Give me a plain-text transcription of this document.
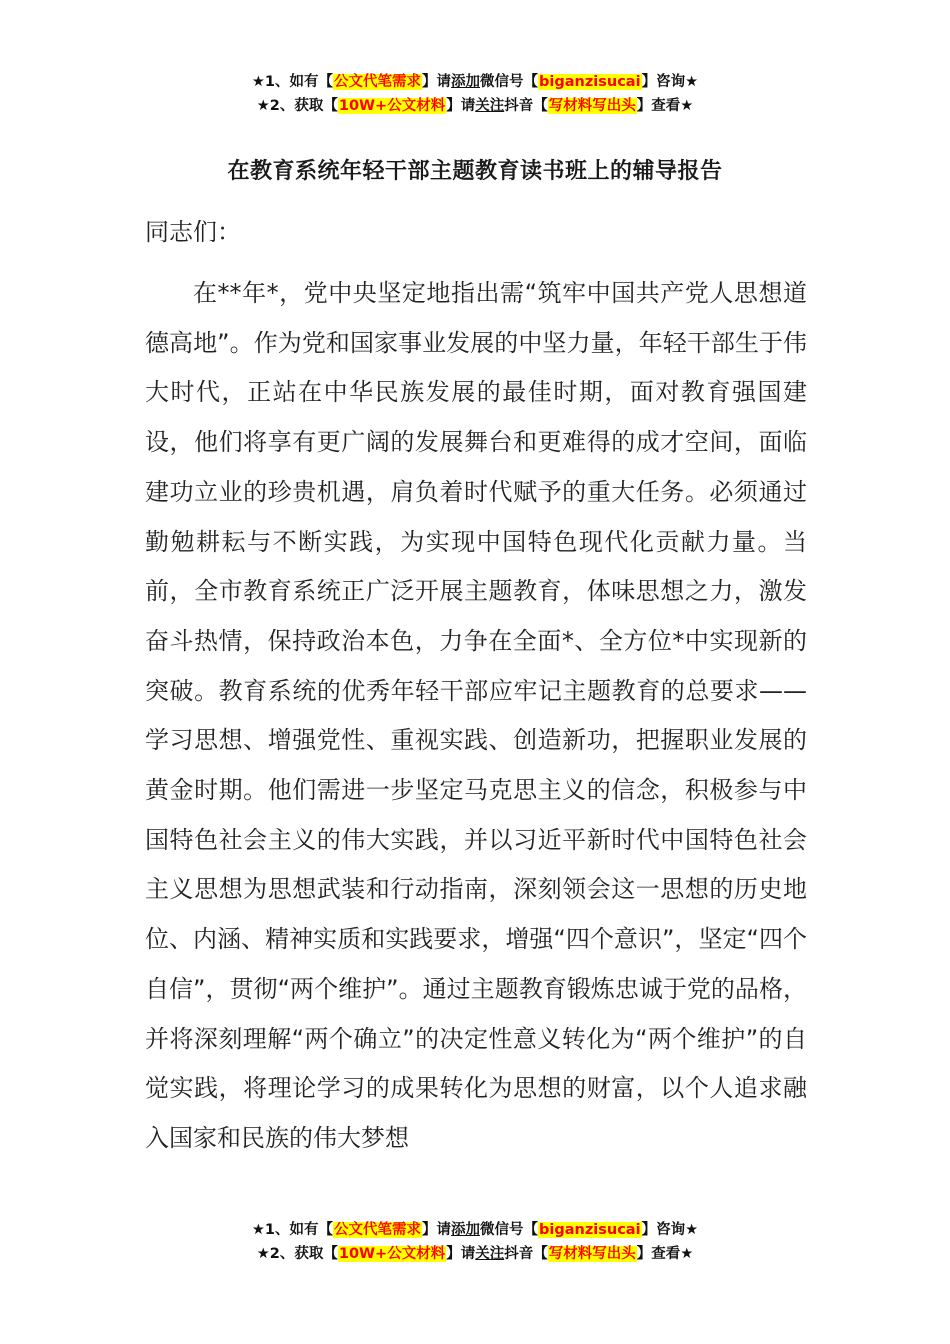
★1、如有【公文代笔需求】请添加微信号【biganzisucai】咨询★
★2、获取【10W+公文材料】请关注抖音【写材料写出头】查看★
在教育系统年轻干部主题教育读书班上的辅导报告
同志们：

在**年*，党中央坚定地指出需“筑牢中国共产党人思想道德高地”。作为党和国家事业发展的中坚力量，年轻干部生于伟大时代，正站在中华民族发展的最佳时期，面对教育强国建设，他们将享有更广阔的发展舞台和更难得的成才空间，面临建功立业的珍贵机遇，肩负着时代赋予的重大任务。必须通过勤勉耕耘与不断实践，为实现中国特色现代化贡献力量。当前，全市教育系统正广泛开展主题教育，体味思想之力，激发奋斗热情，保持政治本色，力争在全面*、全方位*中实现新的突破。教育系统的优秀年轻干部应牢记主题教育的总要求——学习思想、增强党性、重视实践、创造新功，把握职业发展的黄金时期。他们需进一步坚定马克思主义的信念，积极参与中国特色社会主义的伟大实践，并以习近平新时代中国特色社会主义思想为思想武装和行动指南，深刻领会这一思想的历史地位、内涵、精神实质和实践要求，增强“四个意识”，坚定“四个自信”，贯彻“两个维护”。通过主题教育锻炼忠诚于党的品格，并将深刻理解“两个确立”的决定性意义转化为“两个维护”的自觉实践，将理论学习的成果转化为思想的财富，以个人追求融入国家和民族的伟大梦想

★1、如有【公文代笔需求】请添加微信号【biganzisucai】咨询★
★2、获取【10W+公文材料】请关注抖音【写材料写出头】查看★
